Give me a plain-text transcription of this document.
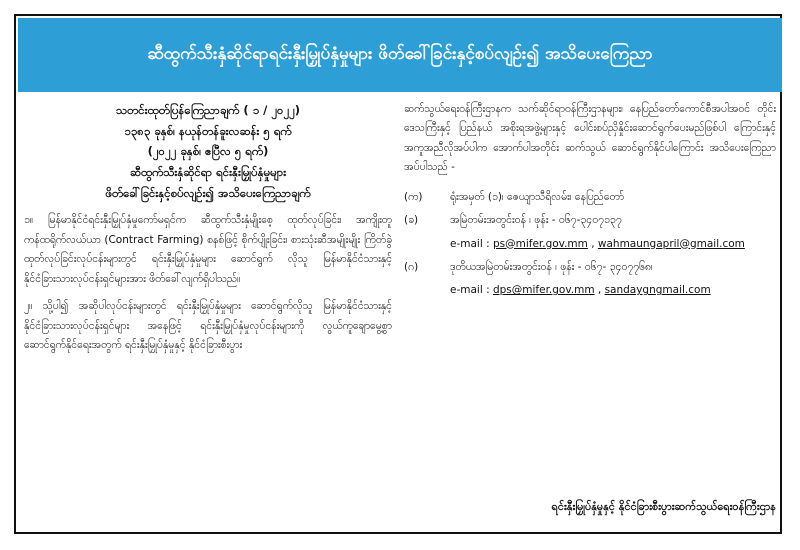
ဆီထွက်သီးနှံဆိုင်ရာရင်းနှီးမြှုပ်နှံမှုများ ဖိတ်ခေါ်ခြင်းနှင့်စပ်လျဉ်း၍ အသိပေးကြေညာ
သတင်းထုတ်ပြန်ကြေညာချက် ( ၁ / ၂၀၂၂)
၁၃၈၃ ခုနှစ်၊ နယုန်တန်ခူးလဆန်း ၅ ရက်
(၂၀၂၂ ခုနှစ်၊ ဧပြီလ ၅ ရက်)
ဆီထွက်သီးနှံဆိုင်ရာ ရင်းနှီးမြှုပ်နှံမှုများ
ဖိတ်ခေါ်ခြင်းနှင့်စပ်လျဉ်း၍ အသိပေးကြေညာချက်
၁။ မြန်မာနိုင်ငံရင်းနှီးမြှုပ်နှံမှုကော်မရှင်က ဆီထွက်သီးနှံမျိုးစေ့ ထုတ်လုပ်ခြင်း၊ အကျိုးတူ ကန်ထရိုက်လယ်ယာ (Contract Farming) စနစ်ဖြင့် စိုက်ပျိုးခြင်း၊ စားသုံးဆီအမျိုးမျိုး ကြိတ်ခွဲ ထုတ်လုပ်ခြင်းလုပ်ငန်းများတွင် ရင်းနှီးမြှုပ်နှံမှုများ ဆောင်ရွက် လိုသူ မြန်မာနိုင်ငံသားနှင့် နိုင်ငံခြားသားလုပ်ငန်းရှင်များအား ဖိတ်ခေါ်လျက်ရှိပါသည်။
၂။ သို့ပါ၍ အဆိုပါလုပ်ငန်းများတွင် ရင်းနှီးမြှုပ်နှံမှုများ ဆောင်ရွက်လိုသူ မြန်မာနိုင်ငံသားနှင့် နိုင်ငံခြားသားလုပ်ငန်းရှင်များ အနေဖြင့် ရင်းနှီးမြှုပ်နှံမှုလုပ်ငန်းများကို လွယ်ကူချောမွေ့စွာ ဆောင်ရွက်နိုင်ရေးအတွက် ရင်းနှီးမြှုပ်နှံမှုနှင့် နိုင်ငံခြားစီးပွား
ဆက်သွယ်ရေးဝန်ကြီးဌာနက သက်ဆိုင်ရာဝန်ကြီးဌာနများ၊ နေပြည်တော်ကောင်စီအပါအဝင် တိုင်းဒေသကြီးနှင့် ပြည်နယ် အစိုးရအဖွဲ့များနှင့် ပေါင်းစပ်ညှိနှိုင်းဆောင်ရွက်ပေးမည်ဖြစ်ပါ ကြောင်းနှင့် အကူအညီလိုအပ်ပါက အောက်ပါအတိုင်း ဆက်သွယ် ဆောင်ရွက်နိုင်ပါကြောင်း အသိပေးကြေညာအပ်ပါသည် -
(က)	ရုံးအမှတ် (၁)၊ ဇေယျာသီရိလမ်း၊ နေပြည်တော်
(ခ)	အမြဲတမ်းအတွင်းဝန် ၊ ဖုန်း - ၀၆၇-၃၄၀၇၁၃၇
e-mail : ps@mifer.gov.mm , wahmaungapril@gmail.com
(ဂ)	ဒုတိယအမြဲတမ်းအတွင်းဝန် ၊ ဖုန်း - ၀၆၇- ၃၄၀၇၇၆၈၊
e-mail : dps@mifer.gov.mm , sandaygngmail.com
ရင်းနှီးမြှုပ်နှံမှုနှင့် နိုင်ငံခြားစီးပွားဆက်သွယ်ရေးဝန်ကြီးဌာန
